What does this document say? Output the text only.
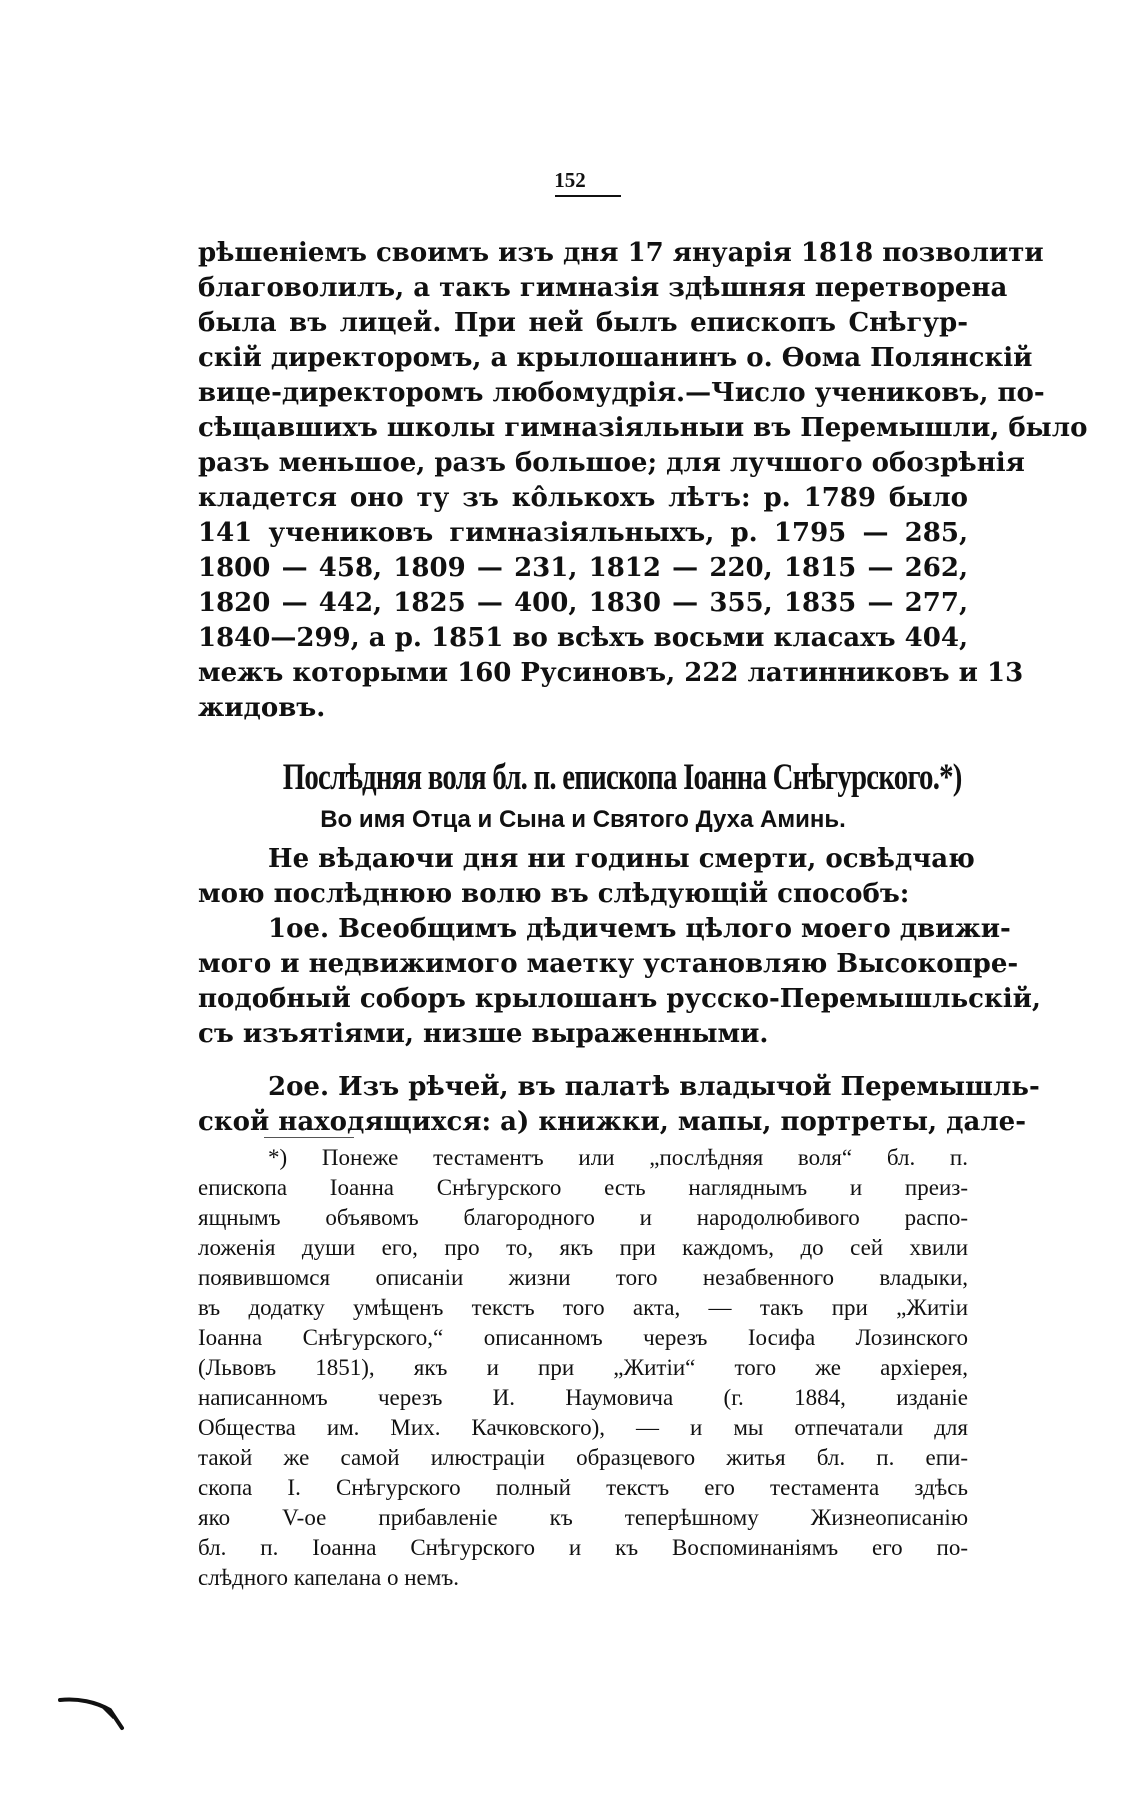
152
рѣшеніемъ своимъ изъ дня 17 януарія 1818 позволити
благоволилъ, а такъ гимназія здѣшняя перетворена
была въ лицей. При ней былъ епископъ Снѣгур-
скій директоромъ, а крылошанинъ о. Ѳома Полянскій
вице-директоромъ любомудрія.—Число учениковъ, по-
сѣщавшихъ школы гимназіяльныи въ Перемышли, было
разъ меньшое, разъ большое; для лучшого обозрѣнія
кладется оно ту зъ кôлькохъ лѣтъ: р. 1789 было
141 учениковъ гимназіяльныхъ, р. 1795 — 285,
1800 — 458, 1809 — 231, 1812 — 220, 1815 — 262,
1820 — 442, 1825 — 400, 1830 — 355, 1835 — 277,
1840—299, а р. 1851 во всѣхъ восьми класахъ 404,
межъ которыми 160 Русиновъ, 222 латинниковъ и 13
жидовъ.
Послѣдняя воля бл. п. епископа Іоанна Снѣгурского.*)
Во имя Отца и Сына и Святого Духа Аминь.
Не вѣдаючи дня ни годины смерти, освѣдчаю
мою послѣднюю волю въ слѣдующій способъ:
1ое. Всеобщимъ дѣдичемъ цѣлого моего движи-
мого и недвижимого маетку установляю Высокопре-
подобный соборъ крылошанъ русско-Перемышльскій,
съ изъятіями, низше выраженными.
2ое. Изъ рѣчей, въ палатѣ владычой Перемышль-
ской находящихся: а) книжки, мапы, портреты, дале-
*) Понеже тестаментъ или „послѣдняя воля“ бл. п.
епископа Іоанна Снѣгурского есть нагляднымъ и преиз-
ящнымъ объявомъ благородного и народолюбивого распо-
ложенія души его, про то, якъ при каждомъ, до сей хвили
появившомся описаніи жизни того незабвенного владыки,
въ додатку умѣщенъ текстъ того акта, — такъ при „Житіи
Іоанна Снѣгурского,“ описанномъ черезъ Іосифа Лозинского
(Львовъ 1851), якъ и при „Житіи“ того же архіерея,
написанномъ черезъ И. Наумовича (г. 1884, изданіе
Общества им. Мих. Качковского), — и мы отпечатали для
такой же самой илюстраціи образцевого житья бл. п. епи-
скопа І. Снѣгурского полный текстъ его тестамента здѣсь
яко V-ое прибавленіе къ теперѣшному Жизнеописанію
бл. п. Іоанна Снѣгурского и къ Воспоминаніямъ его по-
слѣдного капелана о немъ.
